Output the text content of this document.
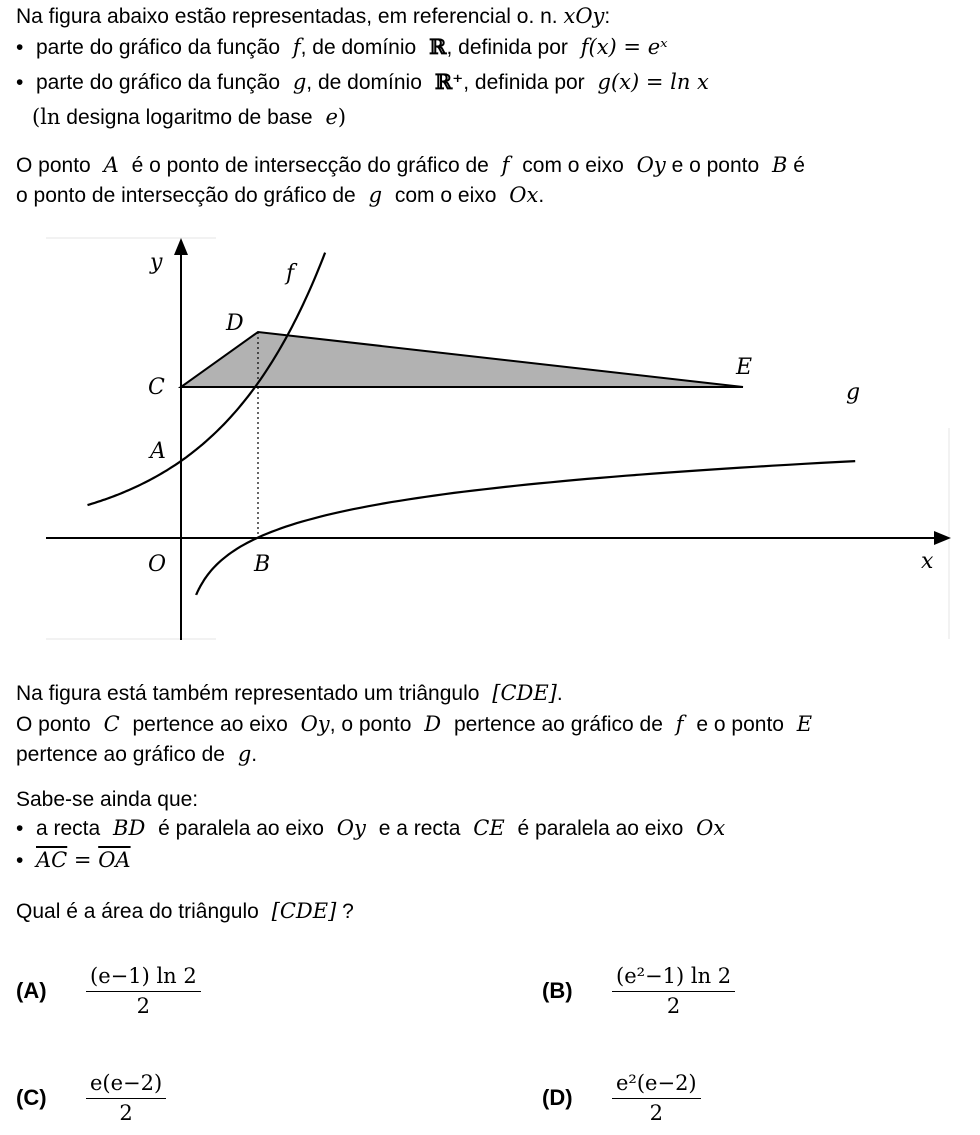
Na figura abaixo estão representadas, em referencial o. n. xOy:
• parte do gráfico da função f, de domínio ℝ, definida por f(x) = eˣ
• parte do gráfico da função g, de domínio ℝ⁺, definida por g(x) = ln x
(ln designa logaritmo de base e)
O ponto A é o ponto de intersecção do gráfico de f com o eixo Oy e o ponto B é
o ponto de intersecção do gráfico de g com o eixo Ox.
y
x
O
A
B
C
D
E
f
g
Na figura está também representado um triângulo [CDE].
O ponto C pertence ao eixo Oy, o ponto D pertence ao gráfico de f e o ponto E
pertence ao gráfico de g.
Sabe-se ainda que:
• a recta BD é paralela ao eixo Oy e a recta CE é paralela ao eixo Ox
• $\overline{AC} = \overline{OA}$
Qual é a área do triângulo [CDE] ?
(A)	$\frac{(e-1) \ln 2}{2}$	(B)	$\frac{\text{(e²−1) ln 2}}{2}$
(C)	$\frac{e(e-2)}{2}$	(D)	$\frac{\text{e²(e−2)}}{2}$
